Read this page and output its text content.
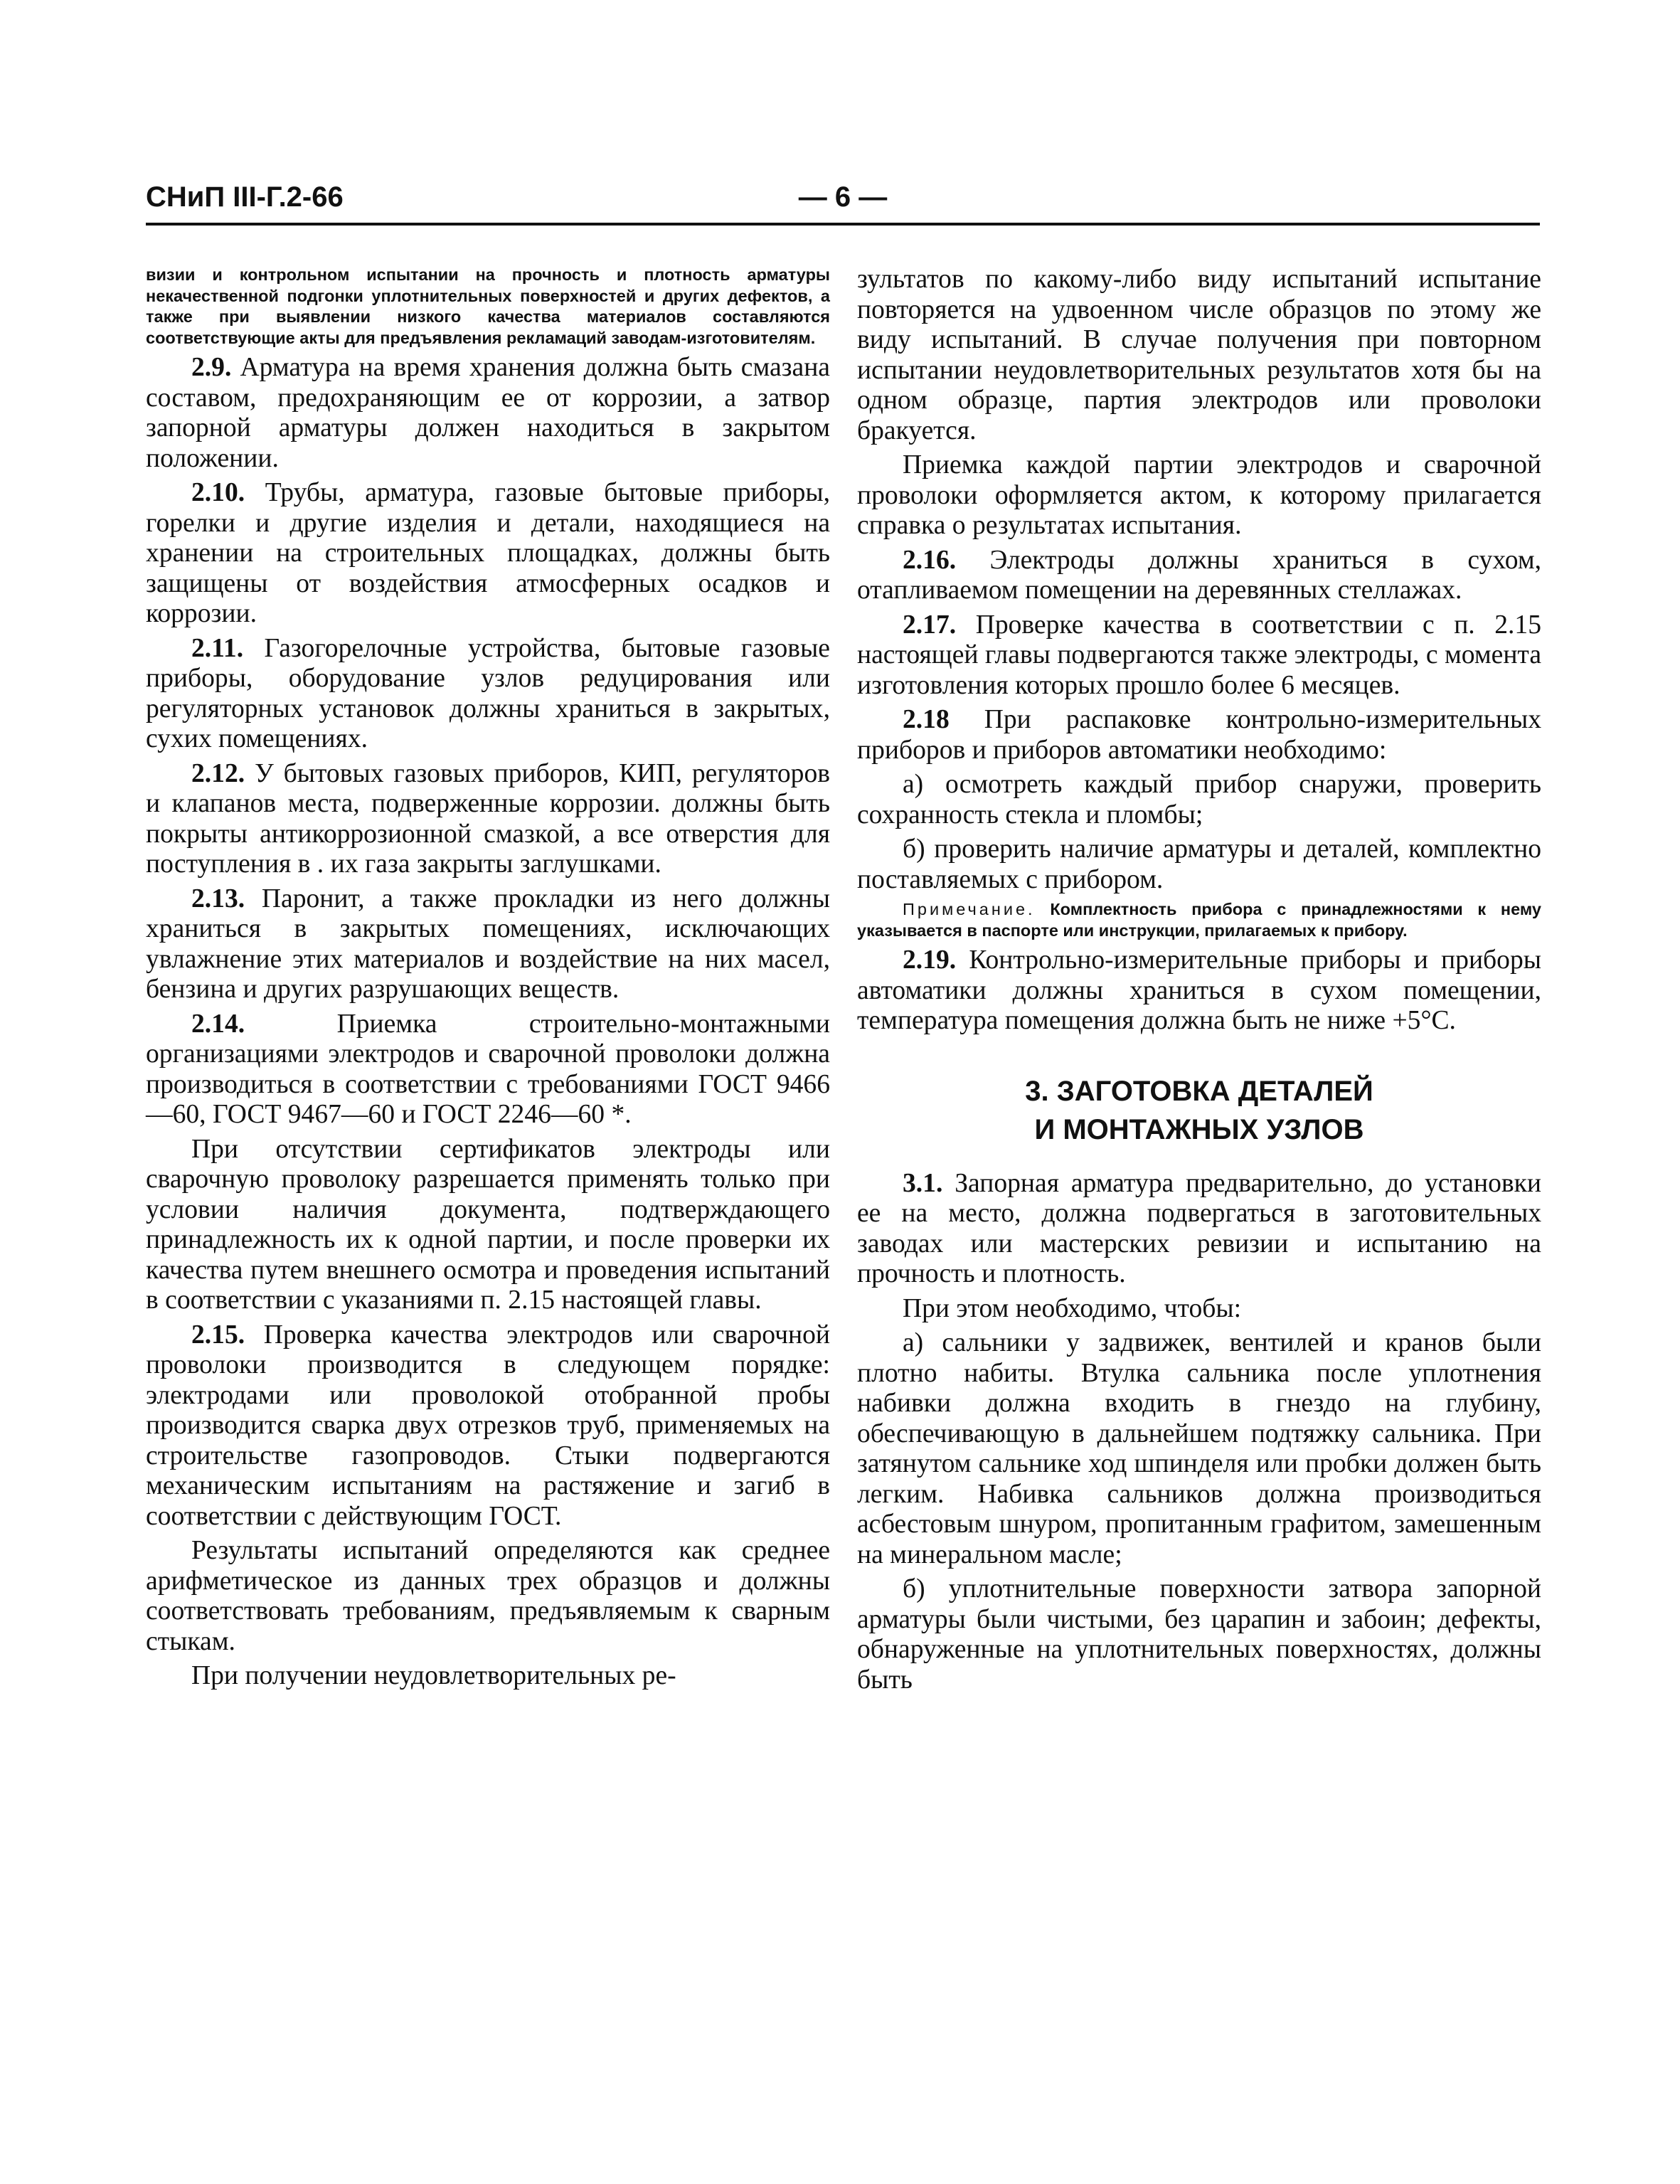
СНиП III-Г.2-66	— 6 —

визии и контрольном испытании на прочность и плотность арматуры некачественной подгонки уплотнительных поверхностей и других дефектов, а также при выявлении низкого качества материалов составляются соответствующие акты для предъявления рекламаций заводам-изготовителям.

2.9. Арматура на время хранения должна быть смазана составом, предохраняющим ее от коррозии, а затвор запорной арматуры должен находиться в закрытом положении.

2.10. Трубы, арматура, газовые бытовые приборы, горелки и другие изделия и детали, находящиеся на хранении на строительных площадках, должны быть защищены от воздействия атмосферных осадков и коррозии.

2.11. Газогорелочные устройства, бытовые газовые приборы, оборудование узлов редуцирования или регуляторных установок должны храниться в закрытых, сухих помещениях.

2.12. У бытовых газовых приборов, КИП, регуляторов и клапанов места, подверженные коррозии. должны быть покрыты антикоррозионной смазкой, а все отверстия для поступления в . их газа закрыты заглушками.

2.13. Паронит, а также прокладки из него должны храниться в закрытых помещениях, исключающих увлажнение этих материалов и воздействие на них масел, бензина и других разрушающих веществ.

2.14.	Приемка строительно-монтажными организациями электродов и сварочной проволоки должна производиться в соответствии с требованиями ГОСТ 9466—60, ГОСТ 9467—60 и ГОСТ 2246—60 *.

При отсутствии сертификатов электроды или сварочную проволоку разрешается применять только при условии наличия документа, подтверждающего принадлежность их к одной партии, и после проверки их качества путем внешнего осмотра и проведения испытаний в соответствии с указаниями п. 2.15 настоящей главы.

2.15. Проверка качества электродов или сварочной проволоки производится в следующем порядке: электродами или проволокой отобранной пробы производится сварка двух отрезков труб, применяемых на строительстве газопроводов. Стыки подвергаются механическим испытаниям на растяжение и загиб в соответствии с действующим ГОСТ.

Результаты испытаний определяются как среднее арифметическое из данных трех образцов и должны соответствовать требованиям, предъявляемым к сварным стыкам.

При получении неудовлетворительных ре-

зультатов по какому-либо виду испытаний испытание повторяется на удвоенном числе образцов по этому же виду испытаний. В случае получения при повторном испытании неудовлетворительных результатов хотя бы на одном образце, партия электродов или проволоки бракуется.

Приемка каждой партии электродов и сварочной проволоки оформляется актом, к которому прилагается справка о результатах испытания.

2.16. Электроды должны храниться в сухом, отапливаемом помещении на деревянных стеллажах.

2.17. Проверке качества в соответствии с п. 2.15 настоящей главы подвергаются также электроды, с момента изготовления которых прошло более 6 месяцев.

2.18 При распаковке контрольно-измерительных приборов и приборов автоматики необходимо:

а) осмотреть каждый прибор снаружи, проверить сохранность стекла и пломбы;

б) проверить наличие арматуры и деталей, комплектно поставляемых с прибором.

Примечание. Комплектность прибора с принадлежностями к нему указывается в паспорте или инструкции, прилагаемых к прибору.

2.19. Контрольно-измерительные приборы и приборы автоматики должны храниться в сухом помещении, температура помещения должна быть не ниже +5°С.

3. ЗАГОТОВКА ДЕТАЛЕЙ
И МОНТАЖНЫХ УЗЛОВ

3.1. Запорная арматура предварительно, до установки ее на место, должна подвергаться в заготовительных заводах или мастерских ревизии и испытанию на прочность и плотность.

При этом необходимо, чтобы:

а) сальники у задвижек, вентилей и кранов были плотно набиты. Втулка сальника после уплотнения набивки должна входить в гнездо на глубину, обеспечивающую в дальнейшем подтяжку сальника. При затянутом сальнике ход шпинделя или пробки должен быть легким. Набивка сальников должна производиться асбестовым шнуром, пропитанным графитом, замешенным на минеральном масле;

б) уплотнительные поверхности затвора запорной арматуры были чистыми, без царапин и забоин; дефекты, обнаруженные на уплотнительных поверхностях, должны быть
